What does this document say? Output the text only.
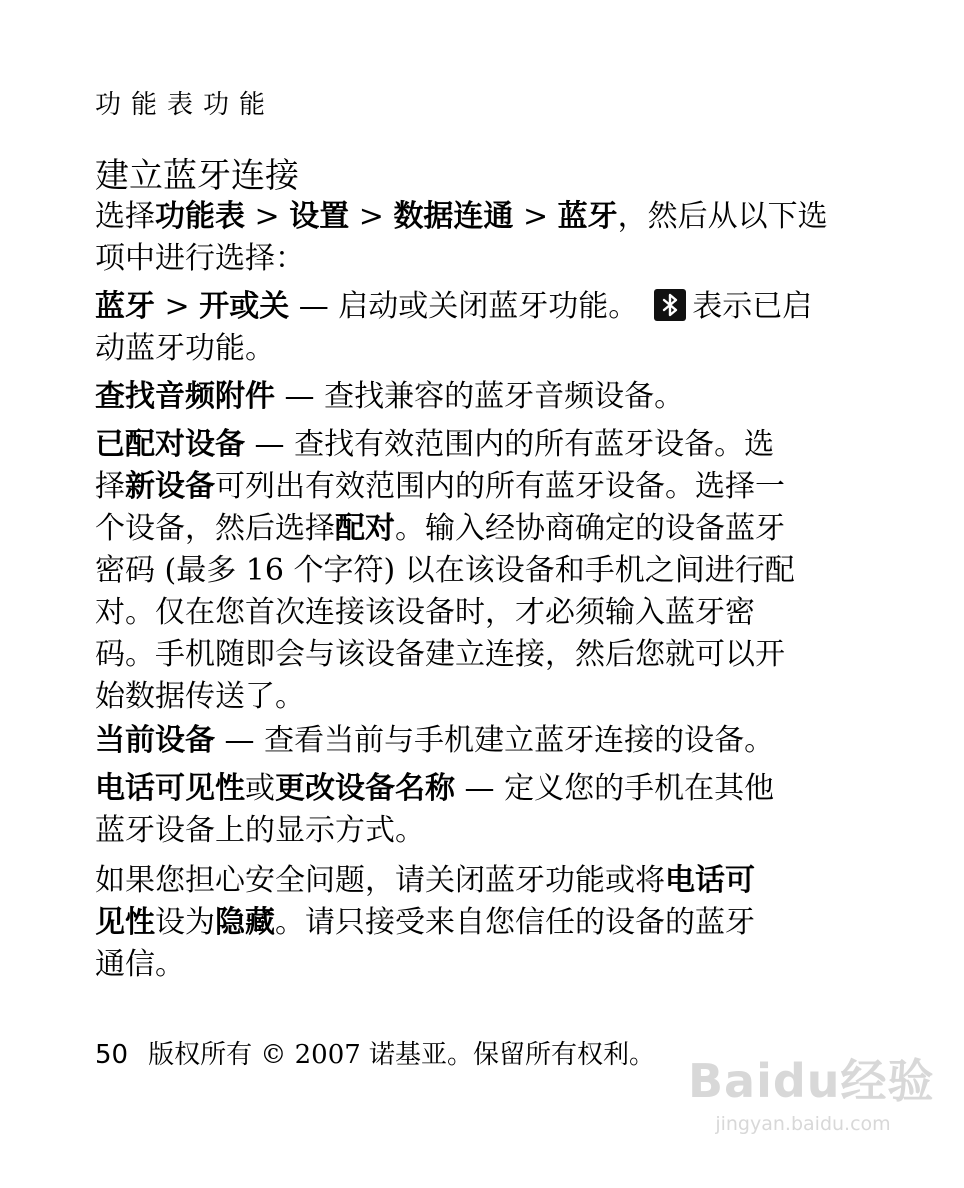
功能表功能
建立蓝牙连接
选择功能表 > 设置 > 数据连通 > 蓝牙，然后从以下选
项中进行选择：
蓝牙 > 开或关 — 启动或关闭蓝牙功能。 表示已启
动蓝牙功能。
查找音频附件 — 查找兼容的蓝牙音频设备。
已配对设备 — 查找有效范围内的所有蓝牙设备。选
择新设备可列出有效范围内的所有蓝牙设备。选择一
个设备，然后选择配对。输入经协商确定的设备蓝牙
密码 (最多 16 个字符) 以在该设备和手机之间进行配
对。仅在您首次连接该设备时，才必须输入蓝牙密
码。手机随即会与该设备建立连接，然后您就可以开
始数据传送了。
当前设备 — 查看当前与手机建立蓝牙连接的设备。
电话可见性或更改设备名称 — 定义您的手机在其他
蓝牙设备上的显示方式。
如果您担心安全问题，请关闭蓝牙功能或将电话可
见性设为隐藏。请只接受来自您信任的设备的蓝牙
通信。
50 版权所有 © 2007 诺基亚。保留所有权利。 Baidu经验
jingyan.baidu.com
